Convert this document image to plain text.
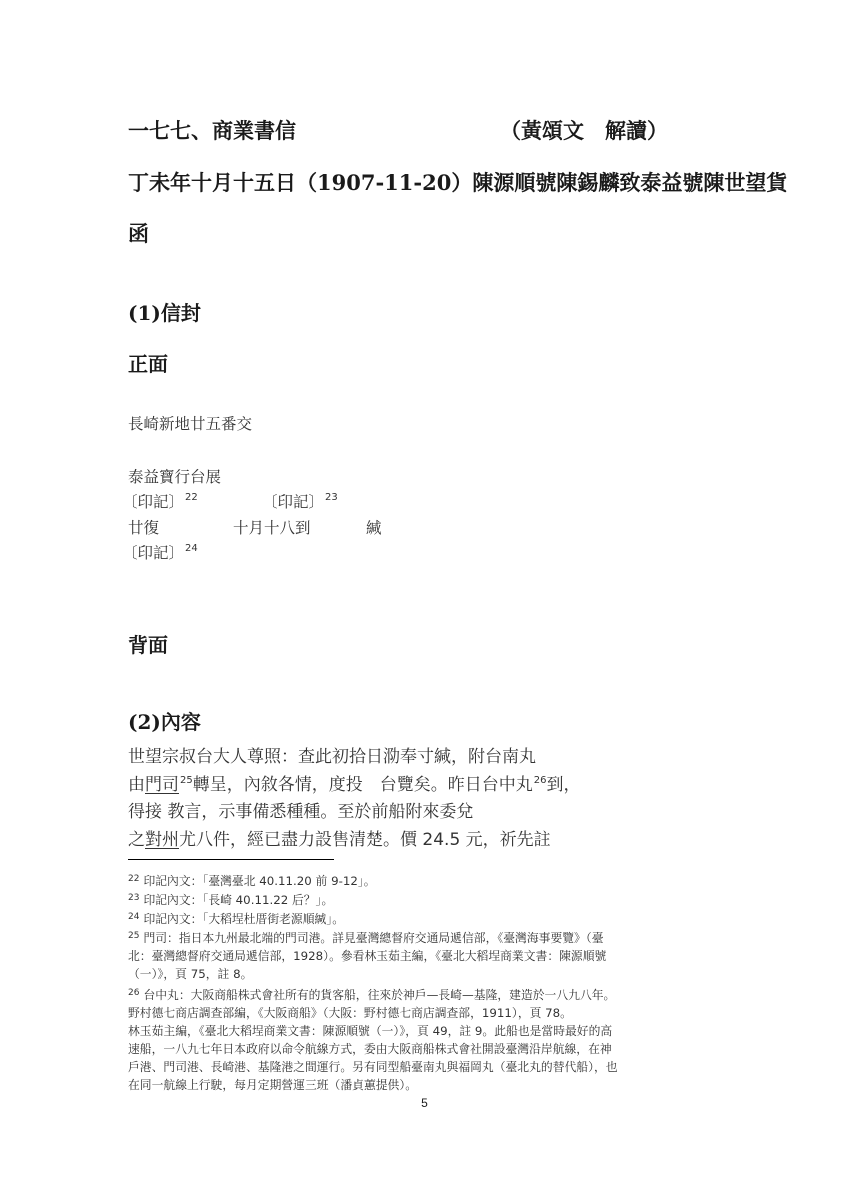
一七七、商業書信	（黃頌文　解讀）
丁未年十月十五日（1907-11-20）陳源順號陳錫麟致泰益號陳世望貨
函
(1)信封
正面
長崎新地廿五番交
泰益寶行台展
〔印記〕$^{22}$	〔印記〕$^{23}$
廿復	十月十八到	緘
〔印記〕$^{24}$
背面
(2)內容
世望宗叔台大人尊照：查此初拾日泐奉寸緘，附台南丸
由門司$^{25}$轉呈，內敘各情，度投　台覽矣。昨日台中丸$^{26}$到，
得接 教言，示事備悉種種。至於前船附來委兌
之對州尤八件，經已盡力設售清楚。價 24.5 元，祈先註
$^{22}$ 印記內文：「臺灣臺北 40.11.20 前 9-12」。
$^{23}$ 印記內文：「長崎 40.11.22 后？」。
$^{24}$ 印記內文：「大稻埕杜厝街老源順緘」。
$^{25}$ 門司：指日本九州最北端的門司港。詳見臺灣總督府交通局遞信部，《臺灣海事要覽》（臺
北：臺灣總督府交通局遞信部，1928）。參看林玉茹主編，《臺北大稻埕商業文書：陳源順號
（一）》，頁 75，註 8。
$^{26}$ 台中丸：大阪商船株式會社所有的貨客船，往來於神戶—長崎—基隆，建造於一八九八年。
野村德七商店調查部編，《大阪商船》（大阪：野村德七商店調查部，1911），頁 78。
林玉茹主編，《臺北大稻埕商業文書：陳源順號（一）》，頁 49，註 9。此船也是當時最好的高
速船，一八九七年日本政府以命令航線方式，委由大阪商船株式會社開設臺灣沿岸航線，在神
戶港、門司港、長崎港、基隆港之間運行。另有同型船臺南丸與福岡丸（臺北丸的替代船），也
在同一航線上行駛，每月定期營運三班（潘貞蕙提供）。
5
